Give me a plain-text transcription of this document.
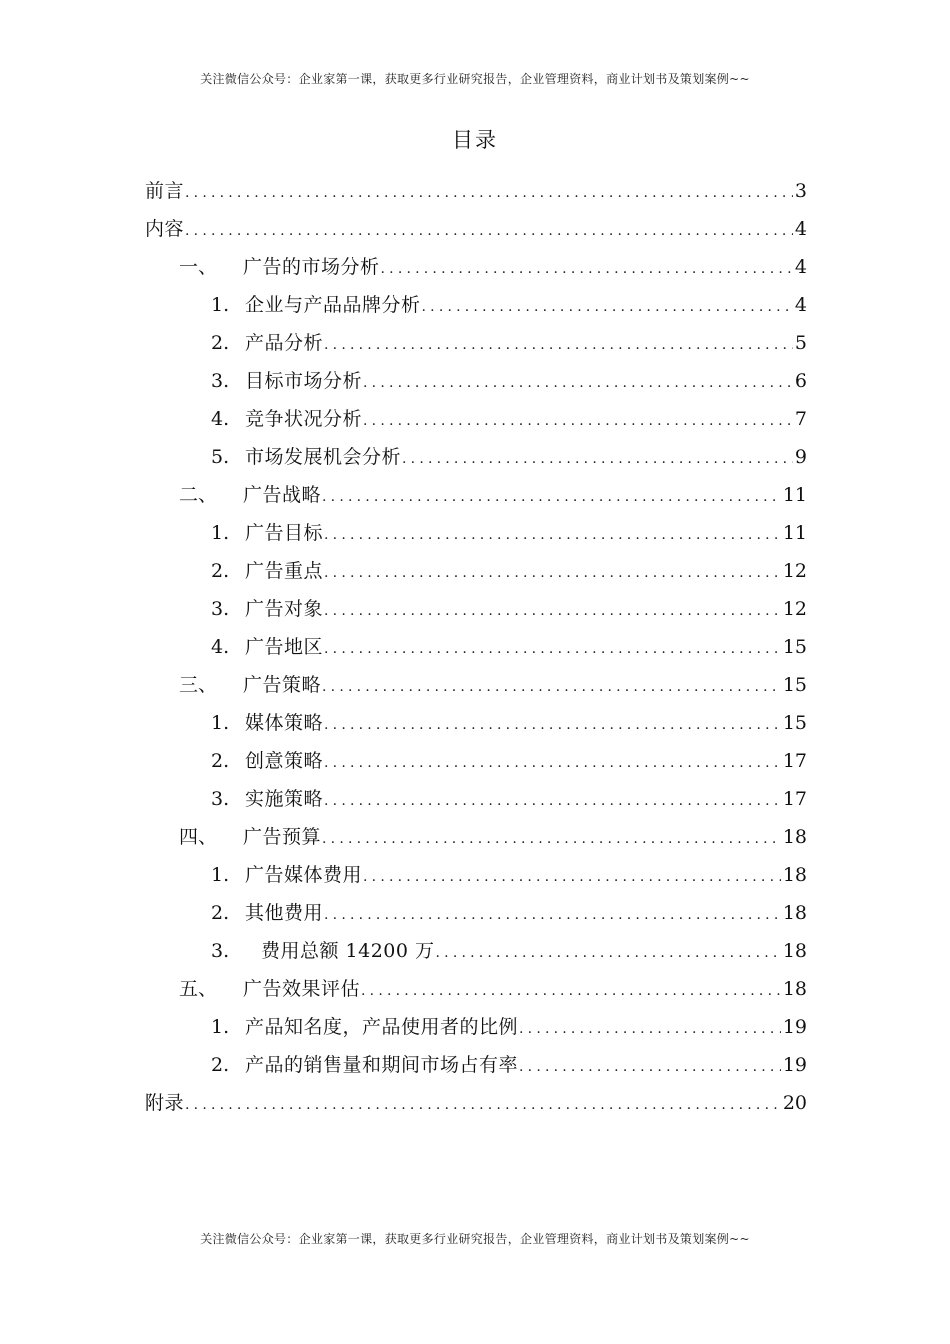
关注微信公众号：企业家第一课，获取更多行业研究报告，企业管理资料，商业计划书及策划案例~~
目录
前言 .....	3
内容 .....	4
一、	广告的市场分析 .....	4
1. 企业与产品品牌分析 .....	4
2. 产品分析 .....	5
3. 目标市场分析 .....	6
4. 竞争状况分析 .....	7
5. 市场发展机会分析 .....	9
二、	广告战略 .....	11
1. 广告目标 .....	11
2. 广告重点 .....	12
3. 广告对象 .....	12
4. 广告地区 .....	15
三、	广告策略 .....	15
1. 媒体策略 .....	15
2. 创意策略 .....	17
3. 实施策略 .....	17
四、	广告预算 .....	18
1. 广告媒体费用 .....	18
2. 其他费用 .....	18
3.	费用总额 14200 万 .....	18
五、	广告效果评估 .....	18
1. 产品知名度，产品使用者的比例 .....	19
2. 产品的销售量和期间市场占有率 .....	19
附录 .....	20
关注微信公众号：企业家第一课，获取更多行业研究报告，企业管理资料，商业计划书及策划案例~~
